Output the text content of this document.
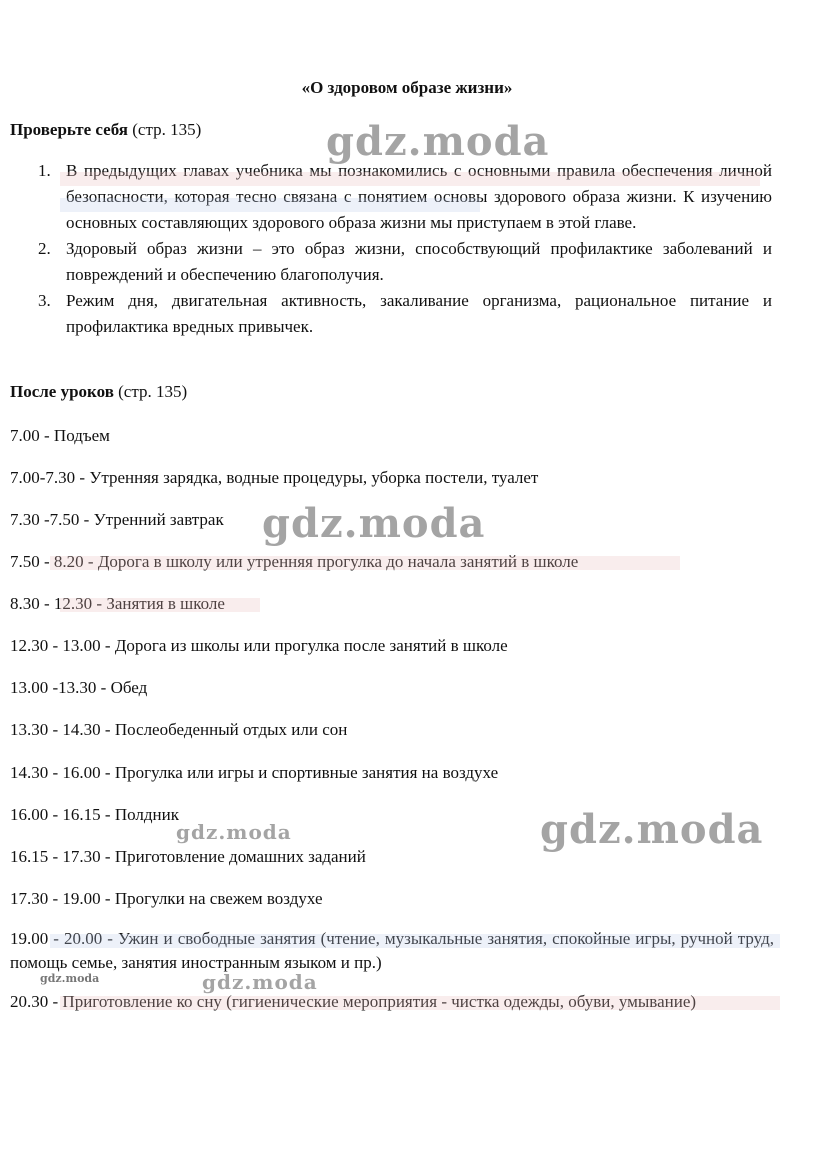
«О здоровом образе жизни»
Проверьте себя (стр. 135)
1. В предыдущих главах учебника мы познакомились с основными правила обеспечения личной безопасности, которая тесно связана с понятием основы здорового образа жизни. К изучению основных составляющих здорового образа жизни мы приступаем в этой главе.
2. Здоровый образ жизни – это образ жизни, способствующий профилактике заболеваний и повреждений и обеспечению благополучия.
3. Режим дня, двигательная активность, закаливание организма, рациональное питание и профилактика вредных привычек.
После уроков (стр. 135)
7.00 - Подъем
7.00-7.30 - Утренняя зарядка, водные процедуры, уборка постели, туалет
7.30 -7.50 - Утренний завтрак
7.50 - 8.20 - Дорога в школу или утренняя прогулка до начала занятий в школе
8.30 - 12.30 - Занятия в школе
12.30 - 13.00 - Дорога из школы или прогулка после занятий в школе
13.00 -13.30 - Обед
13.30 - 14.30 - Послеобеденный отдых или сон
14.30 - 16.00 - Прогулка или игры и спортивные занятия на воздухе
16.00 - 16.15 - Полдник
16.15 - 17.30 - Приготовление домашних заданий
17.30 - 19.00 - Прогулки на свежем воздухе
19.00 - 20.00 - Ужин и свободные занятия (чтение, музыкальные занятия, спокойные игры, ручной труд, помощь семье, занятия иностранным языком и пр.)
20.30 - Приготовление ко сну (гигиенические мероприятия - чистка одежды, обуви, умывание)
gdz.moda
gdz.moda
gdz.moda
gdz.moda
gdz.moda
gdz.moda
